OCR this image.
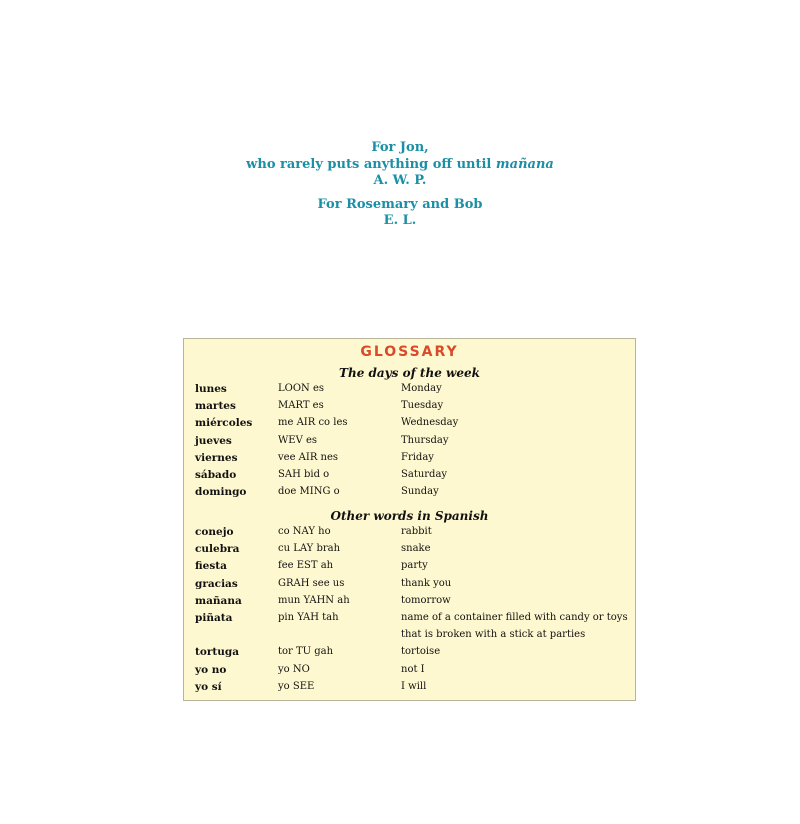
For Jon,
who rarely puts anything off until mañana
A. W. P.
For Rosemary and Bob
E. L.
GLOSSARY
The days of the week
lunes	LOON es	Monday
martes	MART es	Tuesday
miércoles	me AIR co les	Wednesday
jueves	WEV es	Thursday
viernes	vee AIR nes	Friday
sábado	SAH bid o	Saturday
domingo	doe MING o	Sunday
Other words in Spanish
conejo	co NAY ho	rabbit
culebra	cu LAY brah	snake
fiesta	fee EST ah	party
gracias	GRAH see us	thank you
mañana	mun YAHN ah	tomorrow
piñata	pin YAH tah	name of a container filled with candy or toys
that is broken with a stick at parties
tortuga	tor TU gah	tortoise
yo no	yo NO	not I
yo sí	yo SEE	I will
